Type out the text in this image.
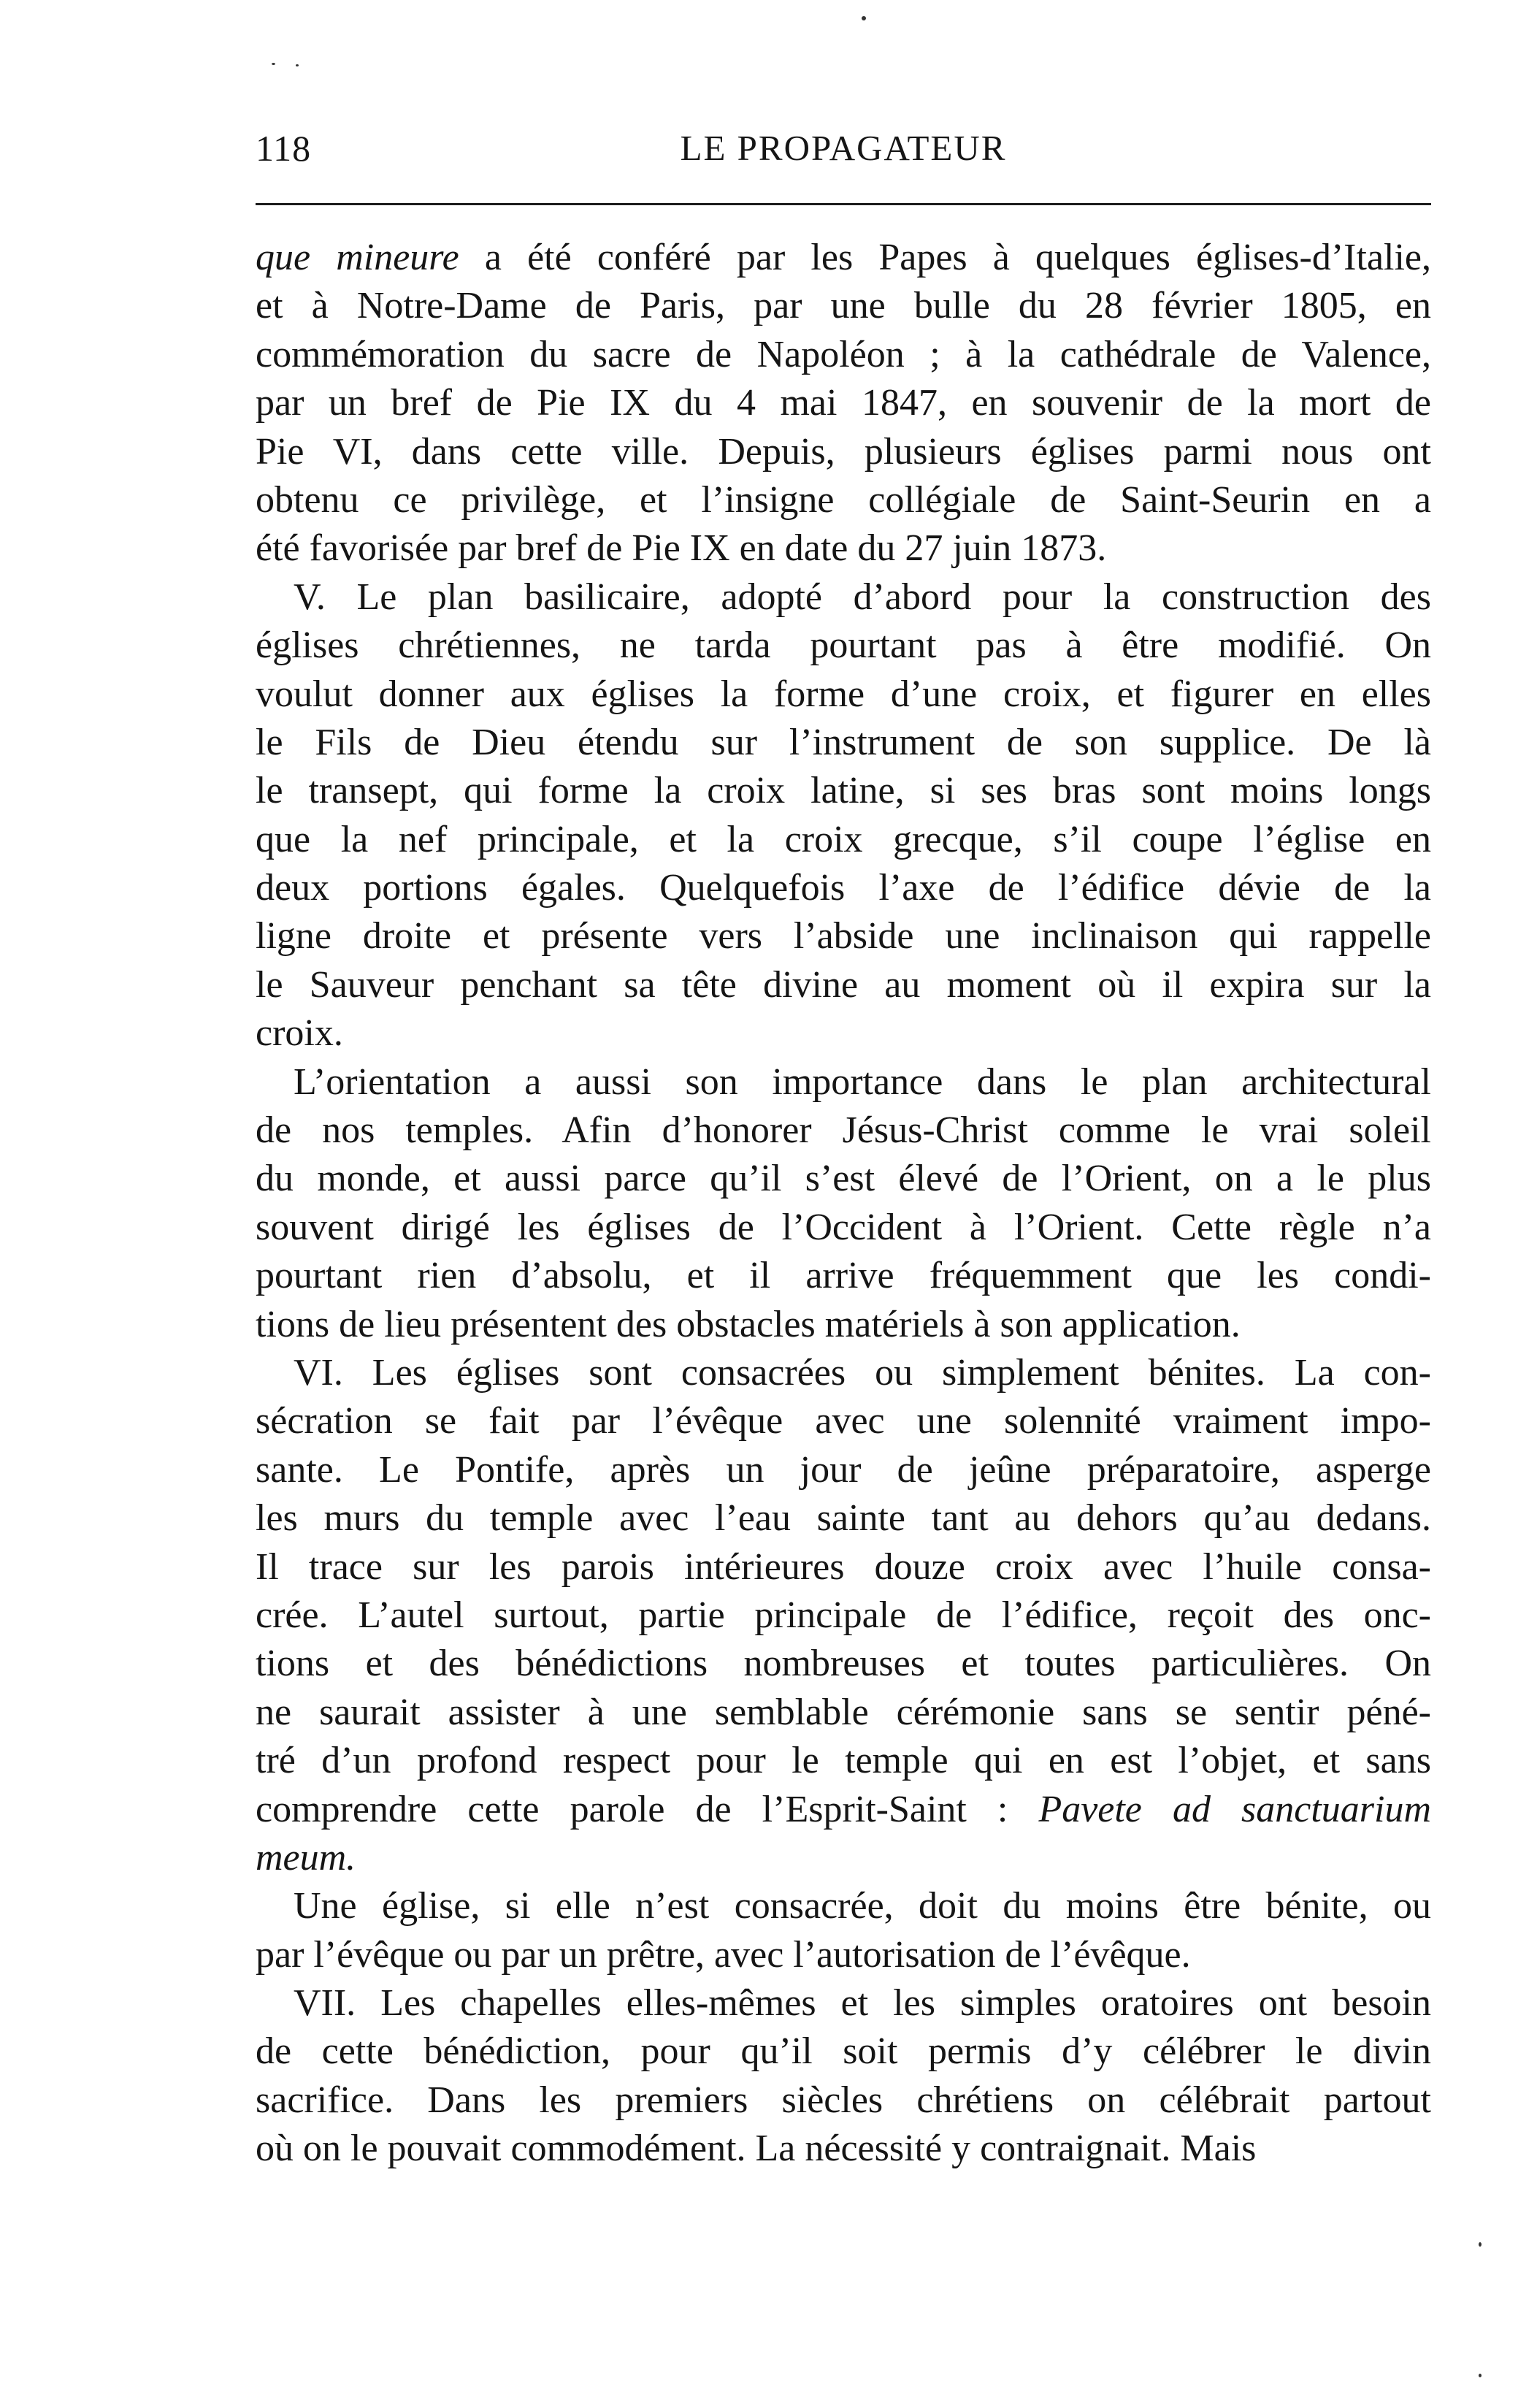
118	LE PROPAGATEUR
que mineure a été conféré par les Papes à quelques églises-d’Italie,
et à Notre-Dame de Paris, par une bulle du 28 février 1805, en
commémoration du sacre de Napoléon ; à la cathédrale de Valence,
par un bref de Pie IX du 4 mai 1847, en souvenir de la mort de
Pie VI, dans cette ville. Depuis, plusieurs églises parmi nous ont
obtenu ce privilège, et l’insigne collégiale de Saint-Seurin en a
été favorisée par bref de Pie IX en date du 27 juin 1873.
V. Le plan basilicaire, adopté d’abord pour la construction des
églises chrétiennes, ne tarda pourtant pas à être modifié. On
voulut donner aux églises la forme d’une croix, et figurer en elles
le Fils de Dieu étendu sur l’instrument de son supplice. De là
le transept, qui forme la croix latine, si ses bras sont moins longs
que la nef principale, et la croix grecque, s’il coupe l’église en
deux portions égales. Quelquefois l’axe de l’édifice dévie de la
ligne droite et présente vers l’abside une inclinaison qui rappelle
le Sauveur penchant sa tête divine au moment où il expira sur la
croix.
L’orientation a aussi son importance dans le plan architectural
de nos temples. Afin d’honorer Jésus-Christ comme le vrai soleil
du monde, et aussi parce qu’il s’est élevé de l’Orient, on a le plus
souvent dirigé les églises de l’Occident à l’Orient. Cette règle n’a
pourtant rien d’absolu, et il arrive fréquemment que les condi-
tions de lieu présentent des obstacles matériels à son application.
VI. Les églises sont consacrées ou simplement bénites. La con-
sécration se fait par l’évêque avec une solennité vraiment impo-
sante. Le Pontife, après un jour de jeûne préparatoire, asperge
les murs du temple avec l’eau sainte tant au dehors qu’au dedans.
Il trace sur les parois intérieures douze croix avec l’huile consa-
crée. L’autel surtout, partie principale de l’édifice, reçoit des onc-
tions et des bénédictions nombreuses et toutes particulières. On
ne saurait assister à une semblable cérémonie sans se sentir péné-
tré d’un profond respect pour le temple qui en est l’objet, et sans
comprendre cette parole de l’Esprit-Saint : Pavete ad sanctuarium
meum.
Une église, si elle n’est consacrée, doit du moins être bénite, ou
par l’évêque ou par un prêtre, avec l’autorisation de l’évêque.
VII. Les chapelles elles-mêmes et les simples oratoires ont besoin
de cette bénédiction, pour qu’il soit permis d’y célébrer le divin
sacrifice. Dans les premiers siècles chrétiens on célébrait partout
où on le pouvait commodément. La nécessité y contraignait. Mais
